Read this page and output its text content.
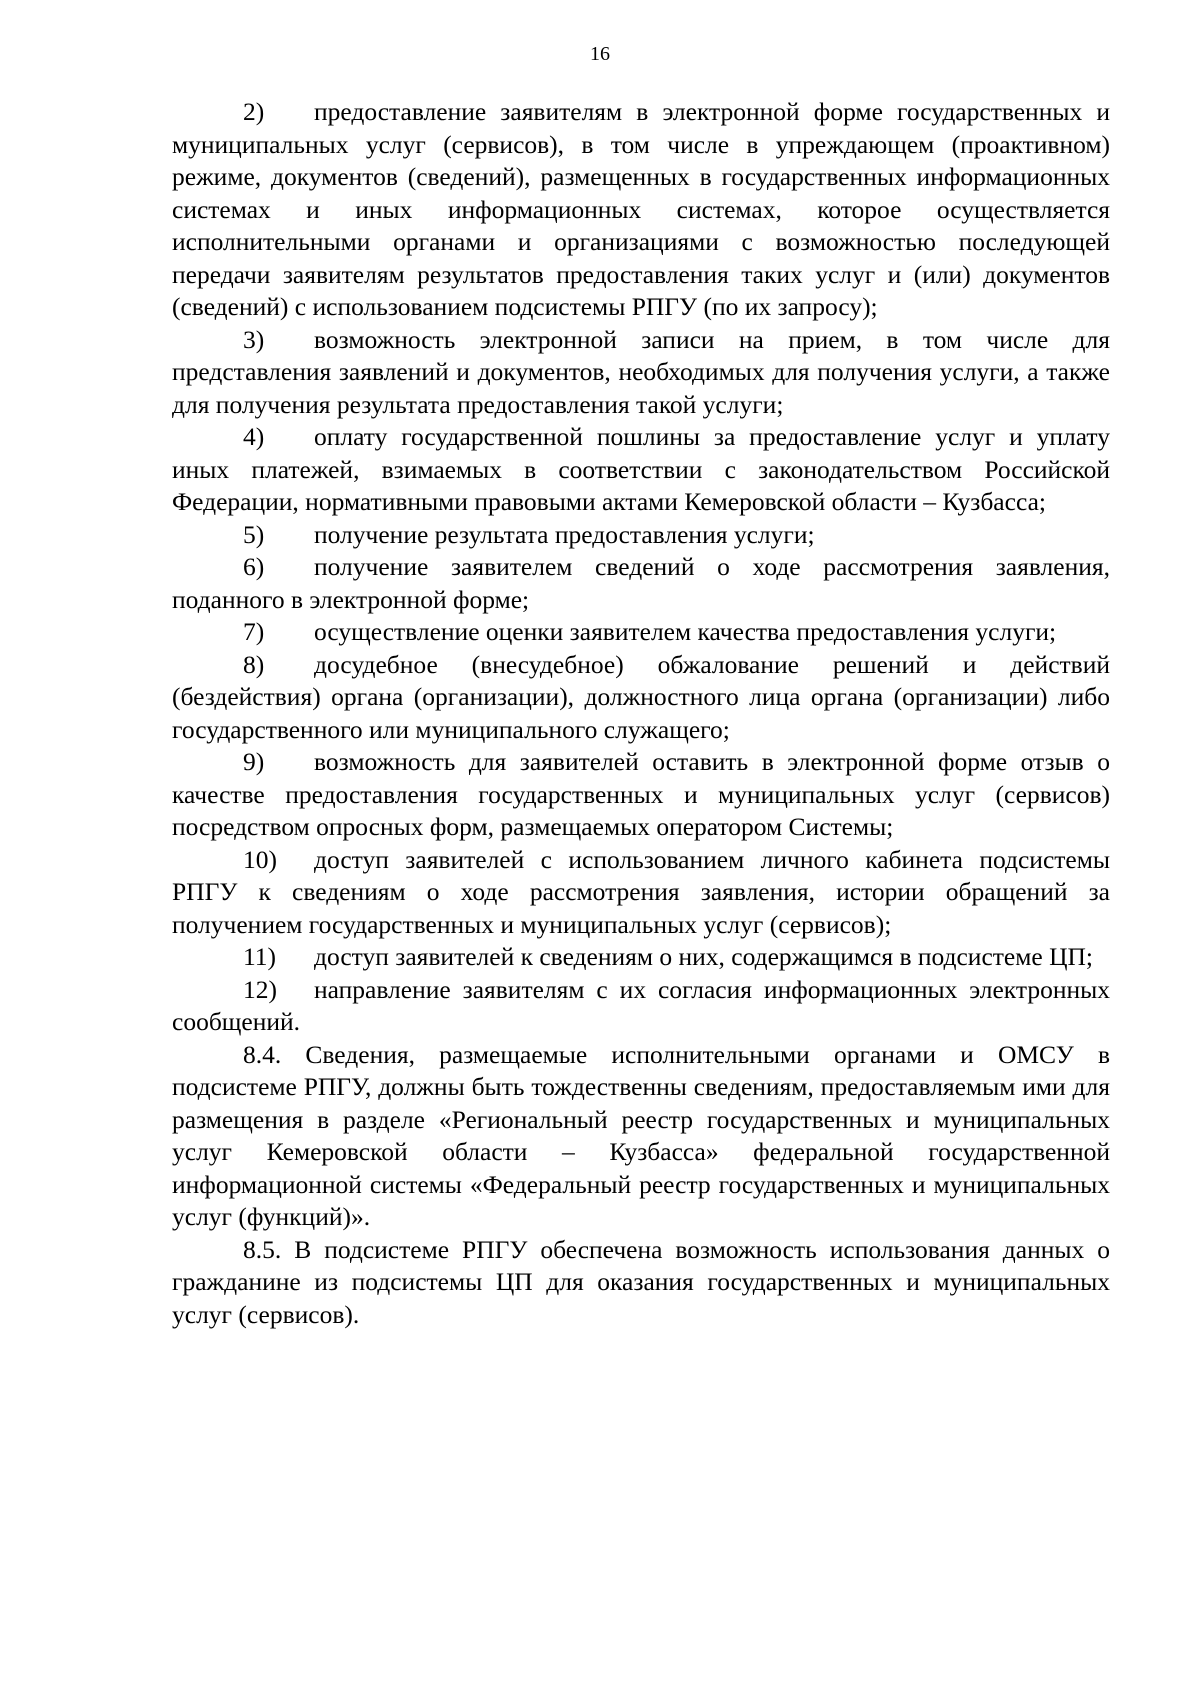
16

2) предоставление заявителям в электронной форме государственных и муниципальных услуг (сервисов), в том числе в упреждающем (проактивном) режиме, документов (сведений), размещенных в государственных информационных системах и иных информационных системах, которое осуществляется исполнительными органами и организациями с возможностью последующей передачи заявителям результатов предоставления таких услуг и (или) документов (сведений) с использованием подсистемы РПГУ (по их запросу);

3) возможность электронной записи на прием, в том числе для представления заявлений и документов, необходимых для получения услуги, а также для получения результата предоставления такой услуги;

4) оплату государственной пошлины за предоставление услуг и уплату иных платежей, взимаемых в соответствии с законодательством Российской Федерации, нормативными правовыми актами Кемеровской области – Кузбасса;

5) получение результата предоставления услуги;

6) получение заявителем сведений о ходе рассмотрения заявления, поданного в электронной форме;

7) осуществление оценки заявителем качества предоставления услуги;

8) досудебное (внесудебное) обжалование решений и действий (бездействия) органа (организации), должностного лица органа (организации) либо государственного или муниципального служащего;

9) возможность для заявителей оставить в электронной форме отзыв о качестве предоставления государственных и муниципальных услуг (сервисов) посредством опросных форм, размещаемых оператором Системы;

10) доступ заявителей с использованием личного кабинета подсистемы РПГУ к сведениям о ходе рассмотрения заявления, истории обращений за получением государственных и муниципальных услуг (сервисов);

11) доступ заявителей к сведениям о них, содержащимся в подсистеме ЦП;

12) направление заявителям с их согласия информационных электронных сообщений.

8.4. Сведения, размещаемые исполнительными органами и ОМСУ в подсистеме РПГУ, должны быть тождественны сведениям, предоставляемым ими для размещения в разделе «Региональный реестр государственных и муниципальных услуг Кемеровской области – Кузбасса» федеральной государственной информационной системы «Федеральный реестр государственных и муниципальных услуг (функций)».

8.5. В подсистеме РПГУ обеспечена возможность использования данных о гражданине из подсистемы ЦП для оказания государственных и муниципальных услуг (сервисов).
